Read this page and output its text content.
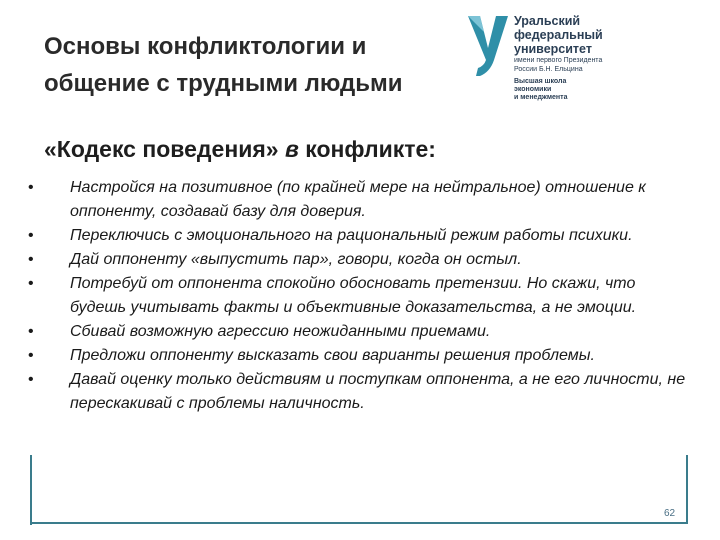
Основы конфликтологии и общение с трудными людьми
Уральский
федеральный
университет
имени первого Президента
России Б.Н. Ельцина
Высшая школа
экономики
и менеджмента
«Кодекс поведения» в конфликте:
• Настройся на позитивное (по крайней мере на нейтральное) отношение к оппоненту, создавай базу для доверия.
• Переключись с эмоционального на рациональный режим работы психики.
• Дай оппоненту «выпустить пар», говори, когда он остыл.
• Потребуй от оппонента спокойно обосновать претензии. Но скажи, что будешь учитывать факты и объективные доказательства, а не эмоции.
• Сбивай возможную агрессию неожиданными приемами.
• Предложи оппоненту высказать свои варианты решения проблемы.
• Давай оценку только действиям и поступкам оппонента, а не его личности, не перескакивай с проблемы наличность.
62
